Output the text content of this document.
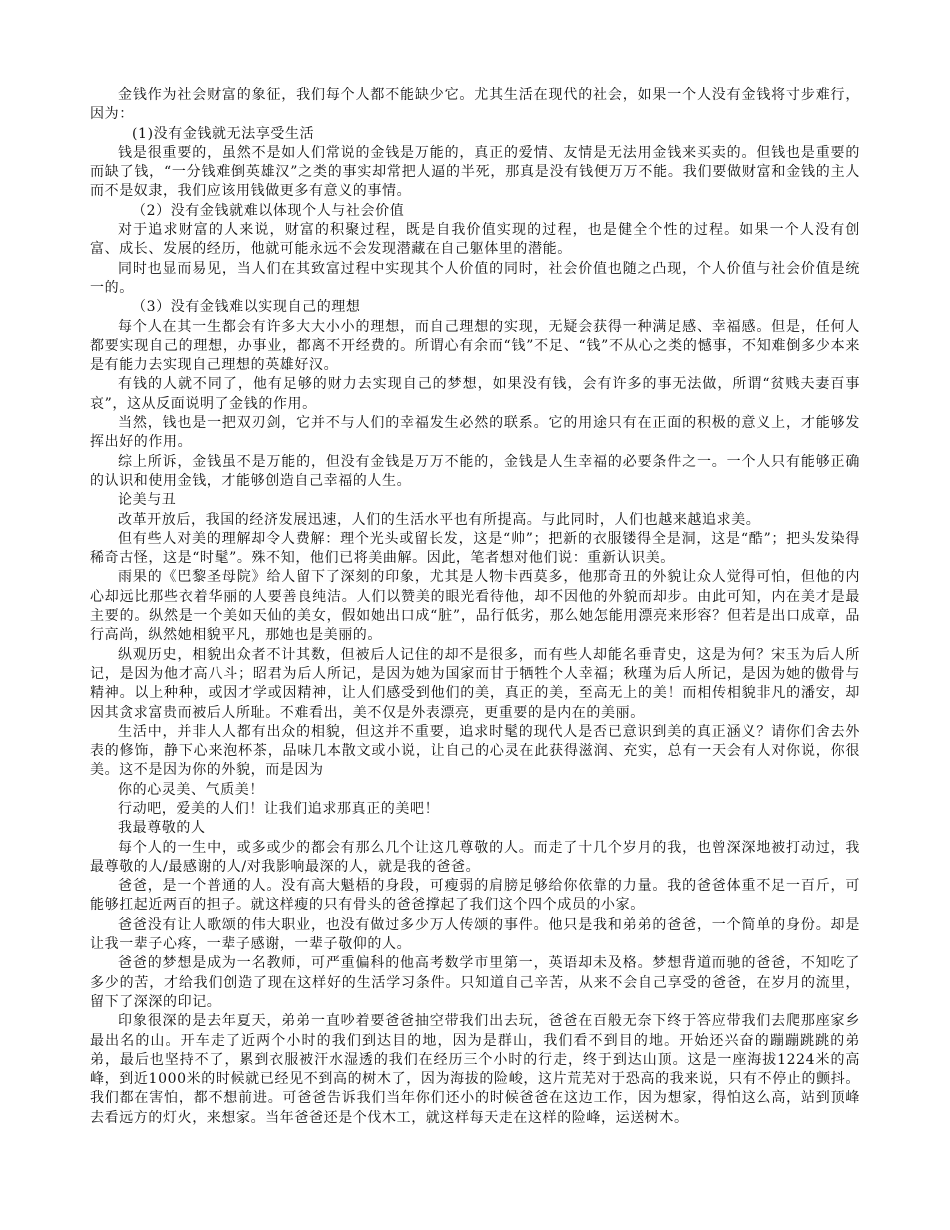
金钱作为社会财富的象征，我们每个人都不能缺少它。尤其生活在现代的社会，如果一个人没有金钱将寸步难行，因为：

(1)没有金钱就无法享受生活

钱是很重要的，虽然不是如人们常说的金钱是万能的，真正的爱情、友情是无法用金钱来买卖的。但钱也是重要的而缺了钱，“一分钱难倒英雄汉”之类的事实却常把人逼的半死，那真是没有钱便万万不能。我们要做财富和金钱的主人而不是奴隶，我们应该用钱做更多有意义的事情。

（2）没有金钱就难以体现个人与社会价值

对于追求财富的人来说，财富的积聚过程，既是自我价值实现的过程，也是健全个性的过程。如果一个人没有创富、成长、发展的经历，他就可能永远不会发现潜藏在自己躯体里的潜能。

同时也显而易见，当人们在其致富过程中实现其个人价值的同时，社会价值也随之凸现，个人价值与社会价值是统一的。

（3）没有金钱难以实现自己的理想

每个人在其一生都会有许多大大小小的理想，而自己理想的实现，无疑会获得一种满足感、幸福感。但是，任何人都要实现自己的理想，办事业，都离不开经费的。所谓心有余而“钱”不足、“钱”不从心之类的憾事，不知难倒多少本来是有能力去实现自己理想的英雄好汉。

有钱的人就不同了，他有足够的财力去实现自己的梦想，如果没有钱，会有许多的事无法做，所谓“贫贱夫妻百事哀”，这从反面说明了金钱的作用。

当然，钱也是一把双刃剑，它并不与人们的幸福发生必然的联系。它的用途只有在正面的积极的意义上，才能够发挥出好的作用。

综上所诉，金钱虽不是万能的，但没有金钱是万万不能的，金钱是人生幸福的必要条件之一。一个人只有能够正确的认识和使用金钱，才能够创造自己幸福的人生。

论美与丑

改革开放后，我国的经济发展迅速，人们的生活水平也有所提高。与此同时，人们也越来越追求美。

但有些人对美的理解却令人费解：理个光头或留长发，这是“帅”；把新的衣服镂得全是洞，这是“酷”；把头发染得稀奇古怪，这是“时髦”。殊不知，他们已将美曲解。因此，笔者想对他们说：重新认识美。

雨果的《巴黎圣母院》给人留下了深刻的印象，尤其是人物卡西莫多，他那奇丑的外貌让众人觉得可怕，但他的内心却远比那些衣着华丽的人要善良纯洁。人们以赞美的眼光看待他，却不因他的外貌而却步。由此可知，内在美才是最主要的。纵然是一个美如天仙的美女，假如她出口成“脏”，品行低劣，那么她怎能用漂亮来形容？但若是出口成章，品行高尚，纵然她相貌平凡，那她也是美丽的。

纵观历史，相貌出众者不计其数，但被后人记住的却不是很多，而有些人却能名垂青史，这是为何？宋玉为后人所记，是因为他才高八斗；昭君为后人所记，是因为她为国家而甘于牺牲个人幸福；秋瑾为后人所记，是因为她的傲骨与精神。以上种种，或因才学或因精神，让人们感受到他们的美，真正的美，至高无上的美！而相传相貌非凡的潘安，却因其贪求富贵而被后人所耻。不难看出，美不仅是外表漂亮，更重要的是内在的美丽。

生活中，并非人人都有出众的相貌，但这并不重要，追求时髦的现代人是否已意识到美的真正涵义？请你们舍去外表的修饰，静下心来泡杯茶，品味几本散文或小说，让自己的心灵在此获得滋润、充实，总有一天会有人对你说，你很美。这不是因为你的外貌，而是因为

你的心灵美、气质美！

行动吧，爱美的人们！让我们追求那真正的美吧！

我最尊敬的人

每个人的一生中，或多或少的都会有那么几个让这几尊敬的人。而走了十几个岁月的我，也曾深深地被打动过，我最尊敬的人/最感谢的人/对我影响最深的人，就是我的爸爸。

爸爸，是一个普通的人。没有高大魁梧的身段，可瘦弱的肩膀足够给你依靠的力量。我的爸爸体重不足一百斤，可能够扛起近两百的担子。就这样瘦的只有骨头的爸爸撑起了我们这个四个成员的小家。

爸爸没有让人歌颂的伟大职业，也没有做过多少万人传颂的事件。他只是我和弟弟的爸爸，一个简单的身份。却是让我一辈子心疼，一辈子感谢，一辈子敬仰的人。

爸爸的梦想是成为一名教师，可严重偏科的他高考数学市里第一，英语却未及格。梦想背道而驰的爸爸，不知吃了多少的苦，才给我们创造了现在这样好的生活学习条件。只知道自己辛苦，从来不会自己享受的爸爸，在岁月的流里，留下了深深的印记。

印象很深的是去年夏天，弟弟一直吵着要爸爸抽空带我们出去玩，爸爸在百般无奈下终于答应带我们去爬那座家乡最出名的山。开车走了近两个小时的我们到达目的地，因为是群山，我们看不到目的地。开始还兴奋的蹦蹦跳跳的弟弟，最后也坚持不了，累到衣服被汗水湿透的我们在经历三个小时的行走，终于到达山顶。这是一座海拔1224米的高峰，到近1000米的时候就已经见不到高的树木了，因为海拔的险峻，这片荒芜对于恐高的我来说，只有不停止的颤抖。我们都在害怕，都不想前进。可爸爸告诉我们当年你们还小的时候爸爸在这边工作，因为想家，得怕这么高，站到顶峰去看远方的灯火，来想家。当年爸爸还是个伐木工，就这样每天走在这样的险峰，运送树木。
